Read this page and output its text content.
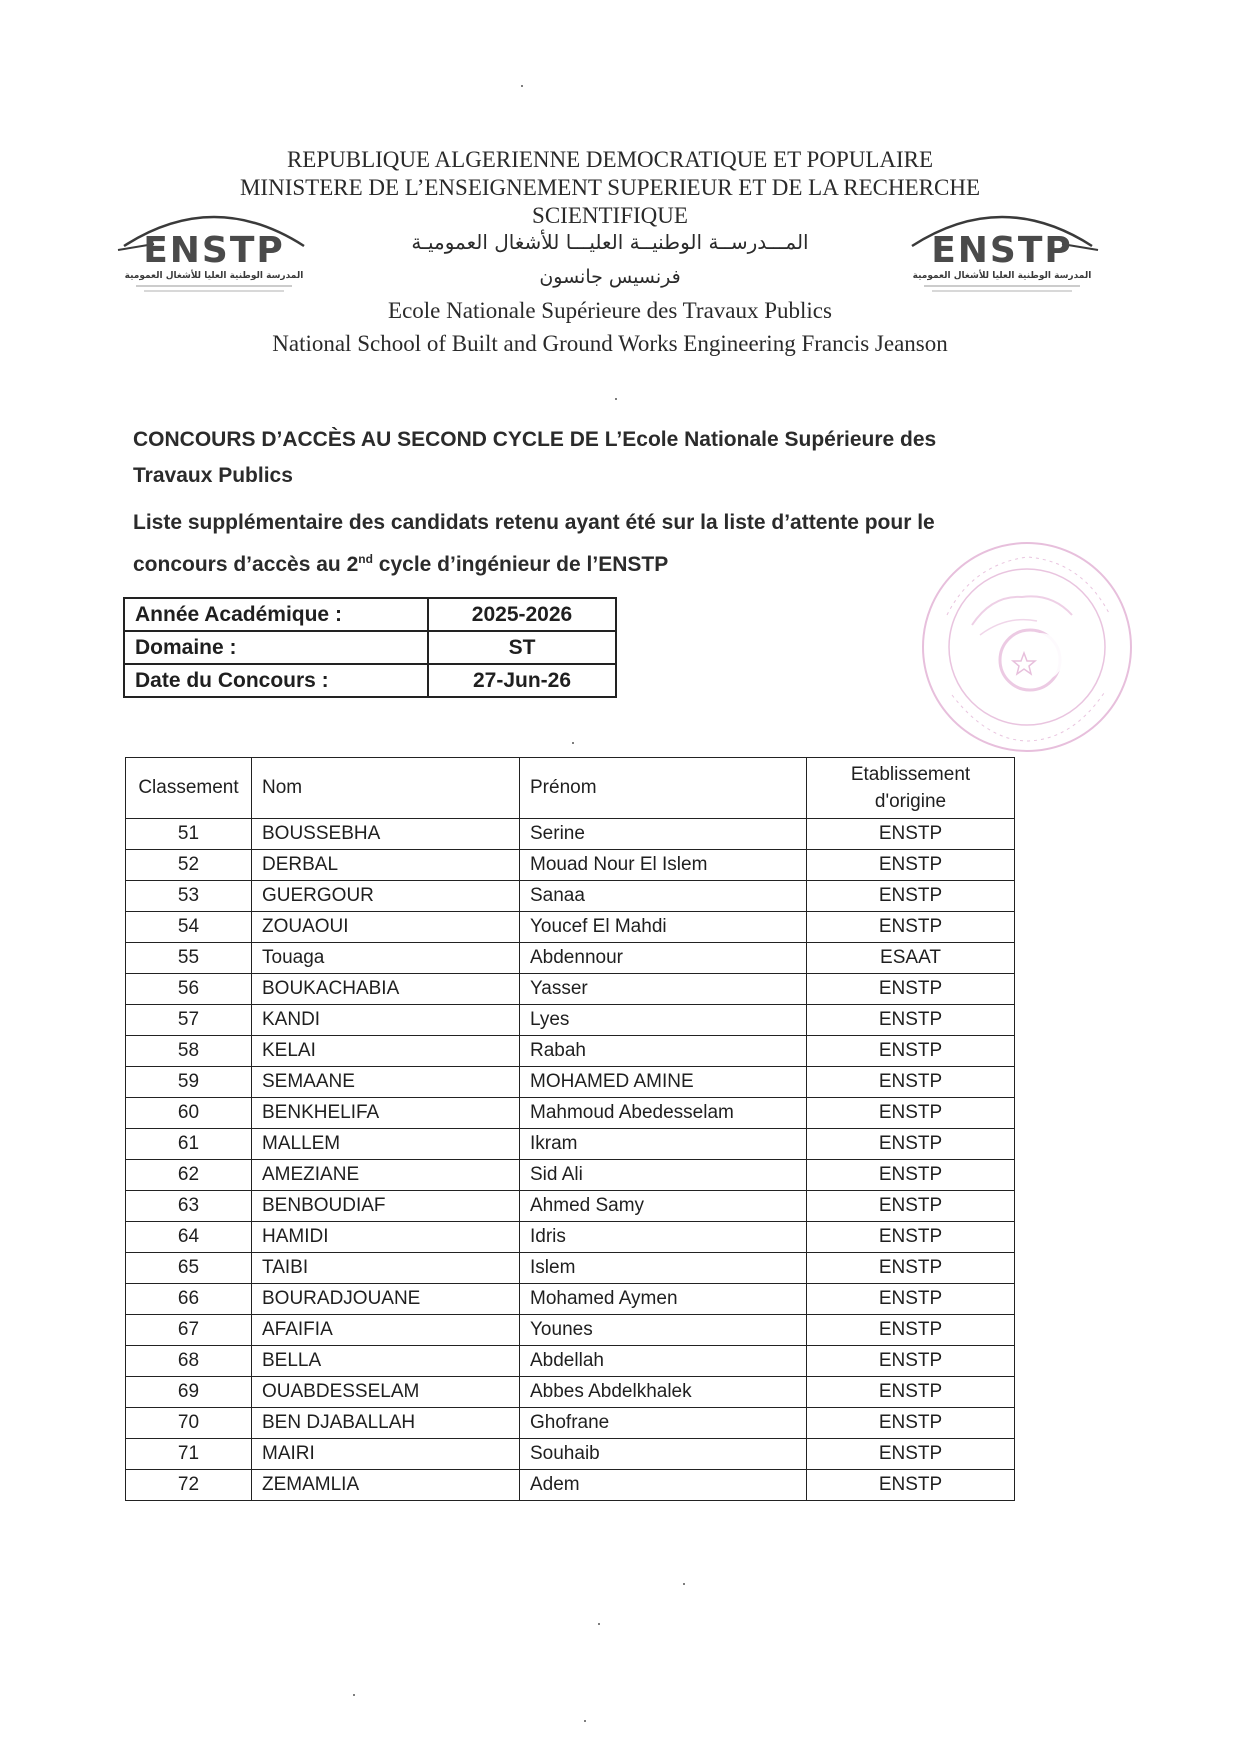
REPUBLIQUE ALGERIENNE DEMOCRATIQUE ET POPULAIRE
MINISTERE DE L’ENSEIGNEMENT SUPERIEUR ET DE LA RECHERCHE
SCIENTIFIQUE
ENSTP
المدرسة الوطنية العليا للأشغال العمومية
ENSTP
المدرسة الوطنية العليا للأشغال العمومية
المـــدرســة الوطنيــة العليـــا للأشغال العموميـة
فرنسيس جانسون
Ecole Nationale Supérieure des Travaux Publics
National School of Built and Ground Works Engineering Francis Jeanson
CONCOURS D’ACCÈS AU SECOND CYCLE DE L’Ecole Nationale Supérieure des
Travaux Publics
Liste supplémentaire des candidats retenu ayant été sur la liste d’attente pour le
concours d’accès au 2nd cycle d’ingénieur de l’ENSTP
Année Académique :	2025-2026
Domaine :	ST
Date du Concours :	27-Jun-26
Classement	Nom	Prénom	Etablissement
d'origine

51	BOUSSEBHA	Serine	ENSTP
52	DERBAL	Mouad Nour El Islem	ENSTP
53	GUERGOUR	Sanaa	ENSTP
54	ZOUAOUI	Youcef El Mahdi	ENSTP
55	Touaga	Abdennour	ESAAT
56	BOUKACHABIA	Yasser	ENSTP
57	KANDI	Lyes	ENSTP
58	KELAI	Rabah	ENSTP
59	SEMAANE	MOHAMED AMINE	ENSTP
60	BENKHELIFA	Mahmoud Abedesselam	ENSTP
61	MALLEM	Ikram	ENSTP
62	AMEZIANE	Sid Ali	ENSTP
63	BENBOUDIAF	Ahmed Samy	ENSTP
64	HAMIDI	Idris	ENSTP
65	TAIBI	Islem	ENSTP
66	BOURADJOUANE	Mohamed Aymen	ENSTP
67	AFAIFIA	Younes	ENSTP
68	BELLA	Abdellah	ENSTP
69	OUABDESSELAM	Abbes Abdelkhalek	ENSTP
70	BEN DJABALLAH	Ghofrane	ENSTP
71	MAIRI	Souhaib	ENSTP
72	ZEMAMLIA	Adem	ENSTP
